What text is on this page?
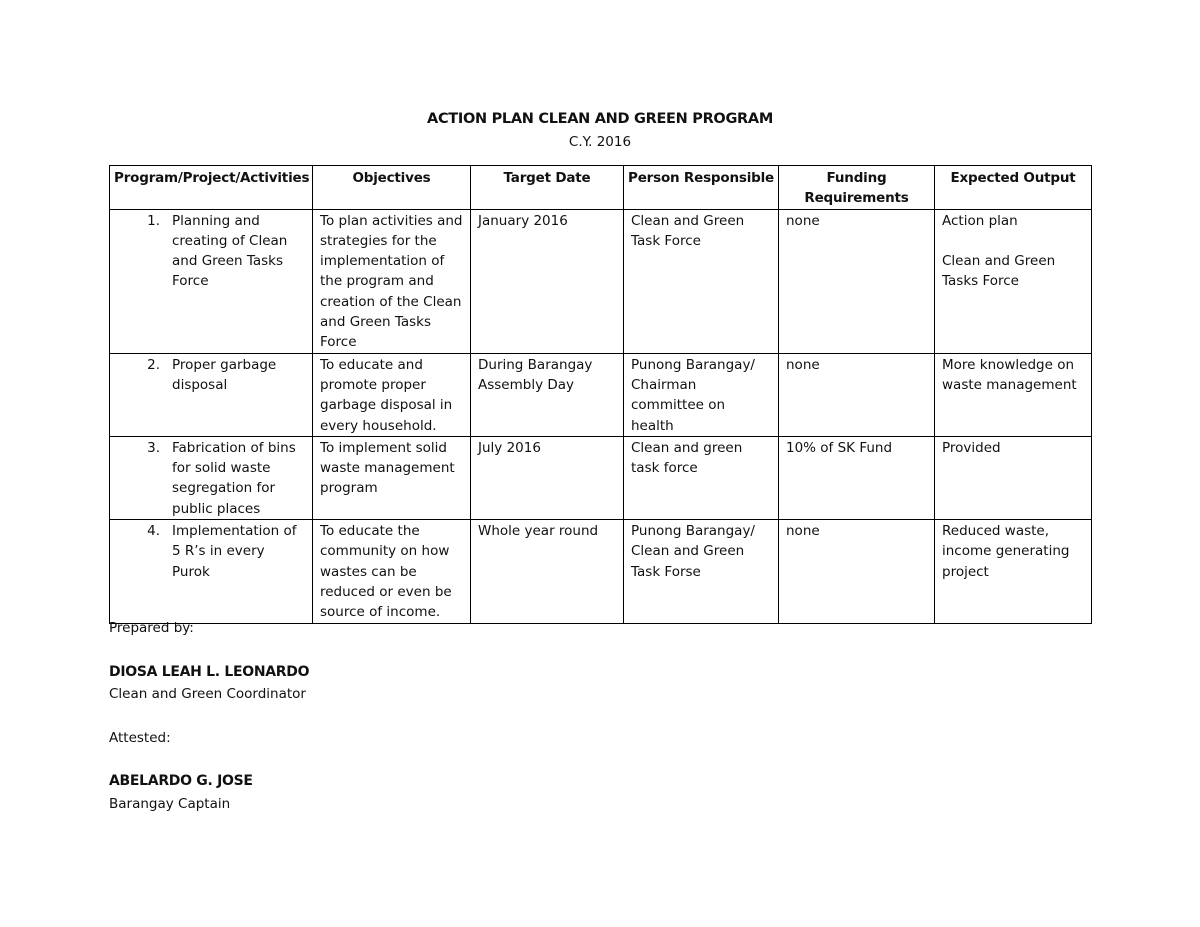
ACTION PLAN CLEAN AND GREEN PROGRAM
C.Y. 2016
Program/Project/Activities	Objectives	Target Date	Person Responsible	Funding Requirements	Expected Output

1. Planning and creating of Clean and Green Tasks Force	To plan activities and strategies for the implementation of the program and creation of the Clean and Green Tasks Force	January 2016	Clean and Green Task Force	none	Action plan

Clean and Green Tasks Force

2. Proper garbage disposal	To educate and promote proper garbage disposal in every household.	During Barangay Assembly Day	Punong Barangay/ Chairman committee on health	none	More knowledge on waste management

3. Fabrication of bins for solid waste segregation for public places	To implement solid waste management program	July 2016	Clean and green task force	10% of SK Fund	Provided

4. Implementation of 5 R’s in every Purok	To educate the community on how wastes can be reduced or even be source of income.	Whole year round	Punong Barangay/ Clean and Green Task Forse	none	Reduced waste, income generating project
Prepared by:
DIOSA LEAH L. LEONARDO
Clean and Green Coordinator
Attested:
ABELARDO G. JOSE
Barangay Captain
